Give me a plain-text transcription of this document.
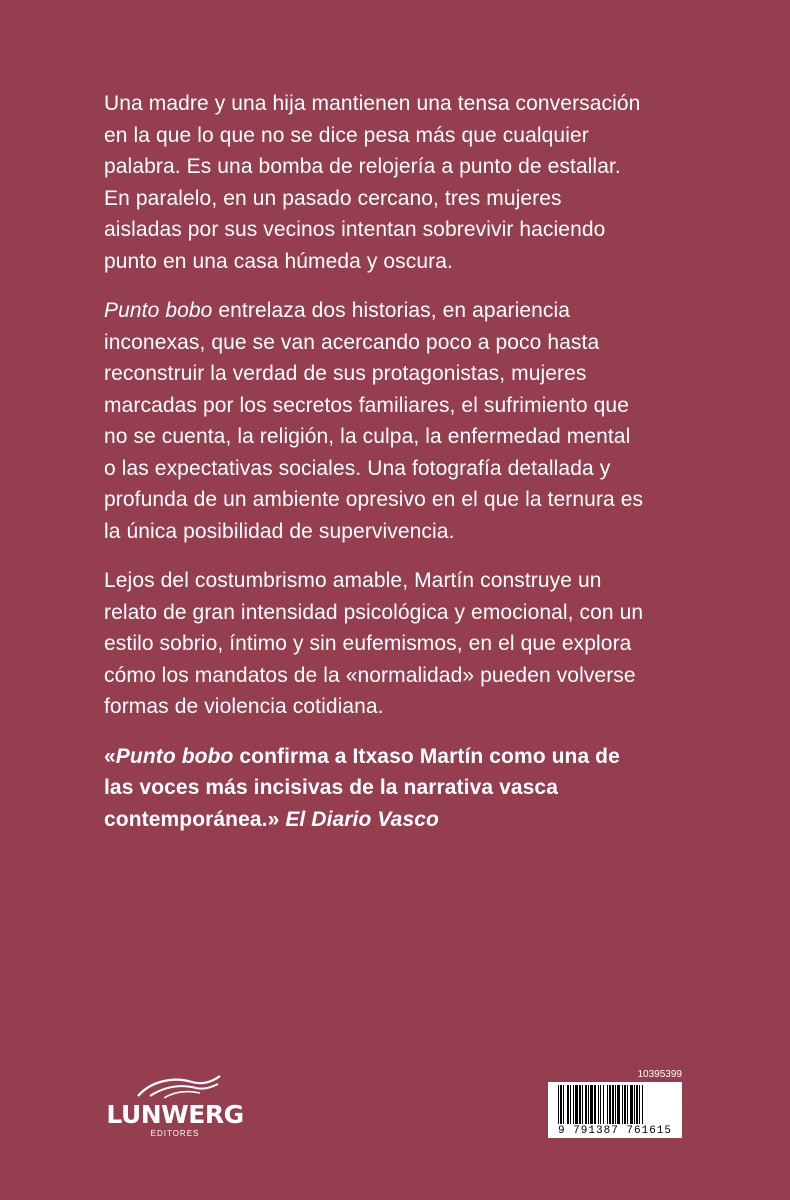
Una madre y una hija mantienen una tensa conversación en la que lo que no se dice pesa más que cualquier palabra. Es una bomba de relojería a punto de estallar. En paralelo, en un pasado cercano, tres mujeres aisladas por sus vecinos intentan sobrevivir haciendo punto en una casa húmeda y oscura.

Punto bobo entrelaza dos historias, en apariencia inconexas, que se van acercando poco a poco hasta reconstruir la verdad de sus protagonistas, mujeres marcadas por los secretos familiares, el sufrimiento que no se cuenta, la religión, la culpa, la enfermedad mental o las expectativas sociales. Una fotografía detallada y profunda de un ambiente opresivo en el que la ternura es la única posibilidad de supervivencia.

Lejos del costumbrismo amable, Martín construye un relato de gran intensidad psicológica y emocional, con un estilo sobrio, íntimo y sin eufemismos, en el que explora cómo los mandatos de la «normalidad» pueden volverse formas de violencia cotidiana.

«Punto bobo confirma a Itxaso Martín como una de las voces más incisivas de la narrativa vasca contemporánea.» El Diario Vasco

LUNWERG
EDITORES
10395399
9 791387 761615
